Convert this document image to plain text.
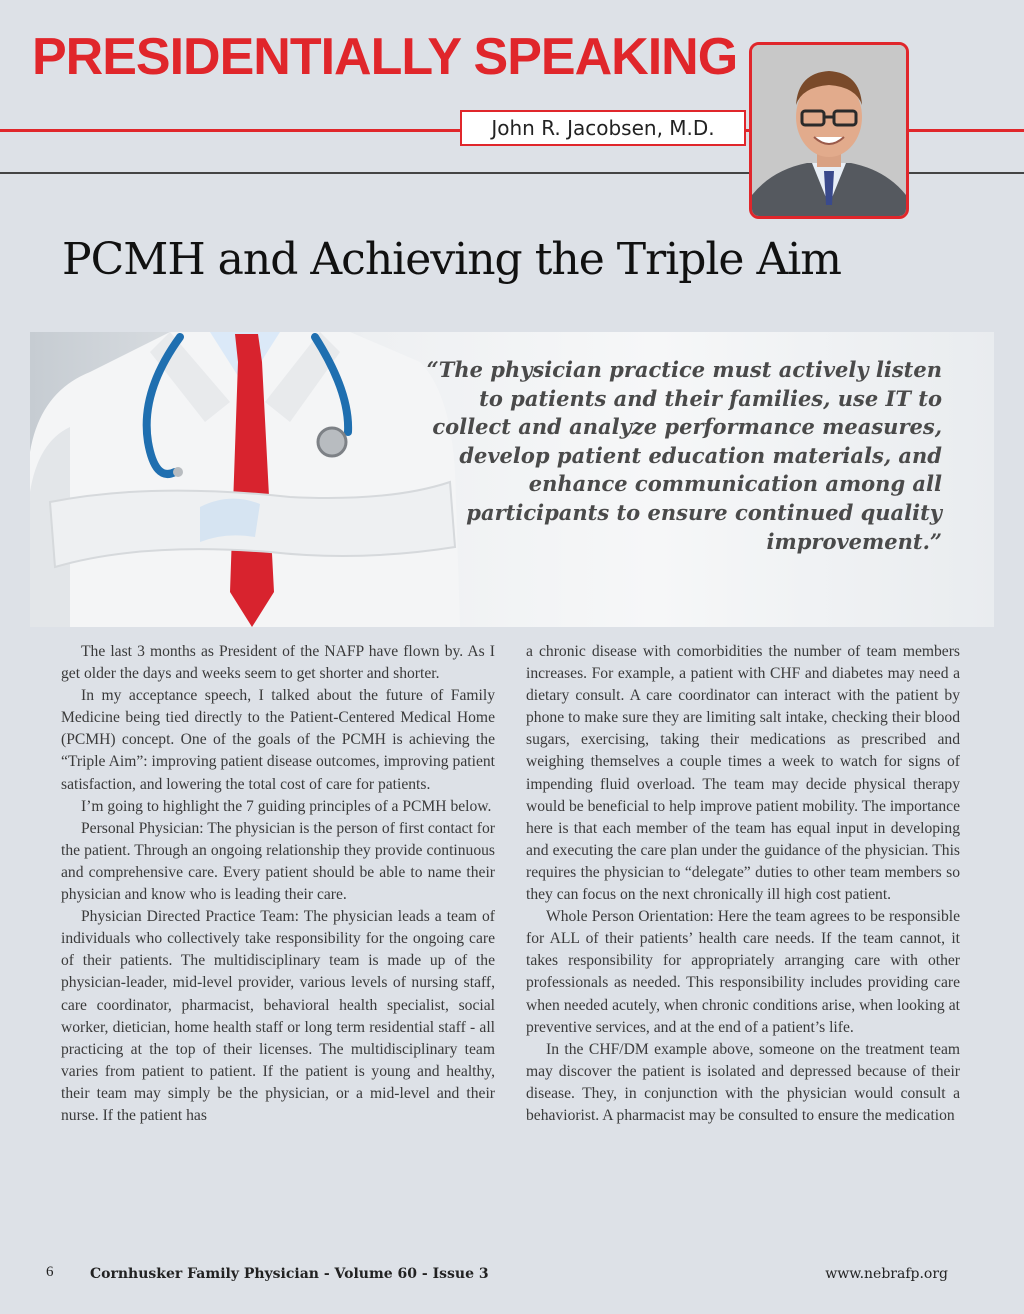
PRESIDENTIALLY SPEAKING
John R. Jacobsen, M.D.
PCMH and Achieving the Triple Aim

“The physician practice must actively listen to patients and their families, use IT to collect and analyze performance measures, develop patient education materials, and enhance communication among all participants to ensure continued quality improvement.”

The last 3 months as President of the NAFP have flown by. As I get older the days and weeks seem to get shorter and shorter.

In my acceptance speech, I talked about the future of Family Medicine being tied directly to the Patient-Centered Medical Home (PCMH) concept. One of the goals of the PCMH is achieving the “Triple Aim”: improving patient disease outcomes, improving patient satisfaction, and lowering the total cost of care for patients.

I’m going to highlight the 7 guiding principles of a PCMH below.

Personal Physician: The physician is the person of first contact for the patient. Through an ongoing relationship they provide continuous and comprehensive care. Every patient should be able to name their physician and know who is leading their care.

Physician Directed Practice Team: The physician leads a team of individuals who collectively take responsibility for the ongoing care of their patients. The multidisciplinary team is made up of the physician-leader, mid-level provider, various levels of nursing staff, care coordinator, pharmacist, behavioral health specialist, social worker, dietician, home health staff or long term residential staff - all practicing at the top of their licenses. The multidisciplinary team varies from patient to patient. If the patient is young and healthy, their team may simply be the physician, or a mid-level and their nurse. If the patient has

a chronic disease with comorbidities the number of team members increases. For example, a patient with CHF and diabetes may need a dietary consult. A care coordinator can interact with the patient by phone to make sure they are limiting salt intake, checking their blood sugars, exercising, taking their medications as prescribed and weighing themselves a couple times a week to watch for signs of impending fluid overload. The team may decide physical therapy would be beneficial to help improve patient mobility. The importance here is that each member of the team has equal input in developing and executing the care plan under the guidance of the physician. This requires the physician to “delegate” duties to other team members so they can focus on the next chronically ill high cost patient.

Whole Person Orientation: Here the team agrees to be responsible for ALL of their patients’ health care needs. If the team cannot, it takes responsibility for appropriately arranging care with other professionals as needed. This responsibility includes providing care when needed acutely, when chronic conditions arise, when looking at preventive services, and at the end of a patient’s life.

In the CHF/DM example above, someone on the treatment team may discover the patient is isolated and depressed because of their disease. They, in conjunction with the physician would consult a behaviorist. A pharmacist may be consulted to ensure the medication

6	Cornhusker Family Physician - Volume 60 - Issue 3	www.nebrafp.org
